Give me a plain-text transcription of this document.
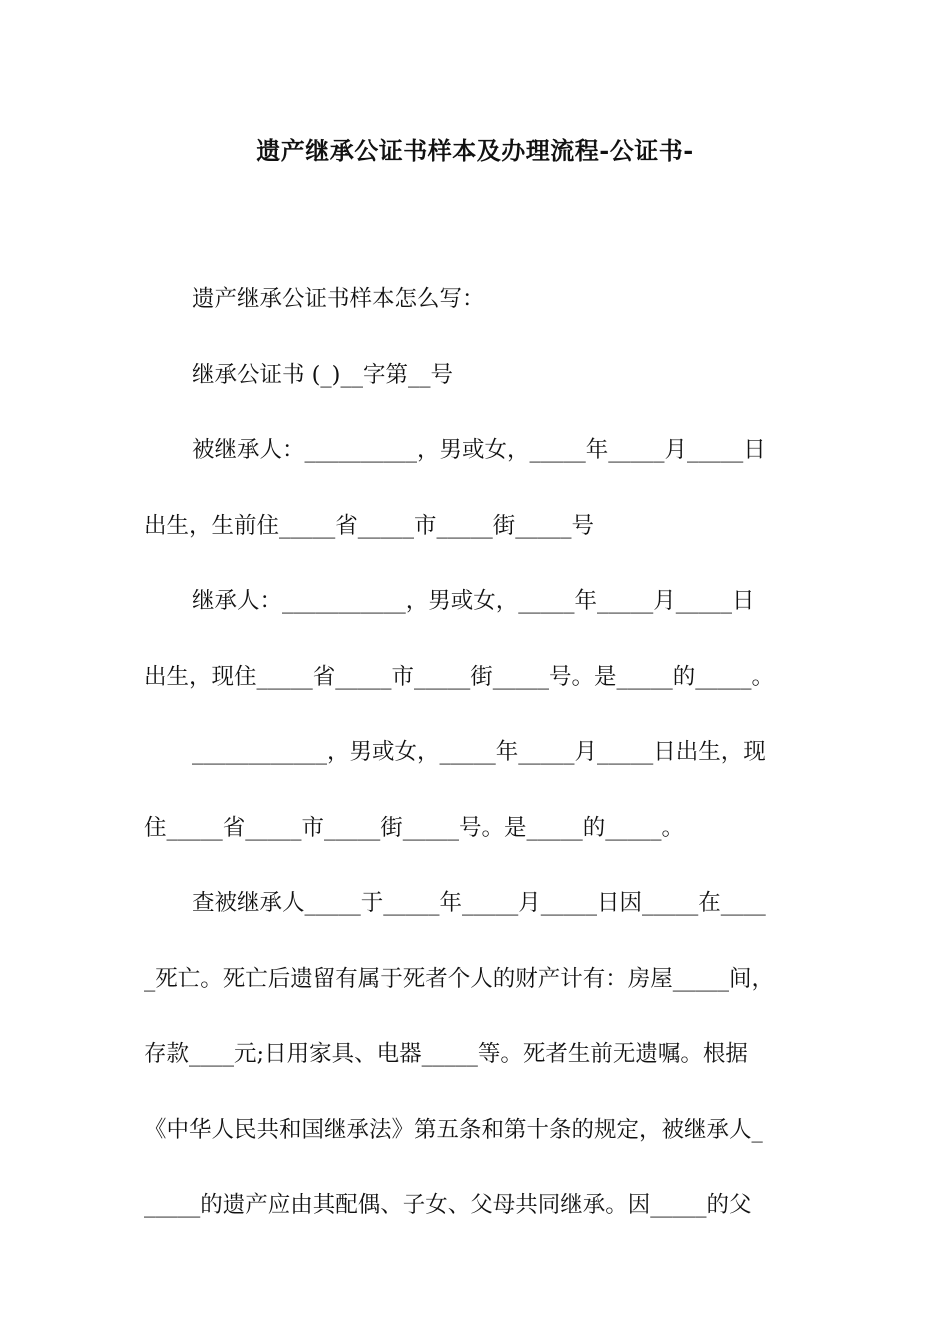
遗产继承公证书样本及办理流程-公证书-
遗产继承公证书样本怎么写：
继承公证书 (_)__字第__号
被继承人：__________，男或女，_____年_____月_____日
出生，生前住_____省_____市_____街_____号
继承人：___________，男或女，_____年_____月_____日
出生，现住_____省_____市_____街_____号。是_____的_____。
____________，男或女，_____年_____月_____日出生，现
住_____省_____市_____街_____号。是_____的_____。
查被继承人_____于_____年_____月_____日因_____在____
_死亡。死亡后遗留有属于死者个人的财产计有：房屋_____间，
存款____元;日用家具、电器_____等。死者生前无遗嘱。根据
《中华人民共和国继承法》第五条和第十条的规定，被继承人_
_____的遗产应由其配偶、子女、父母共同继承。因_____的父
